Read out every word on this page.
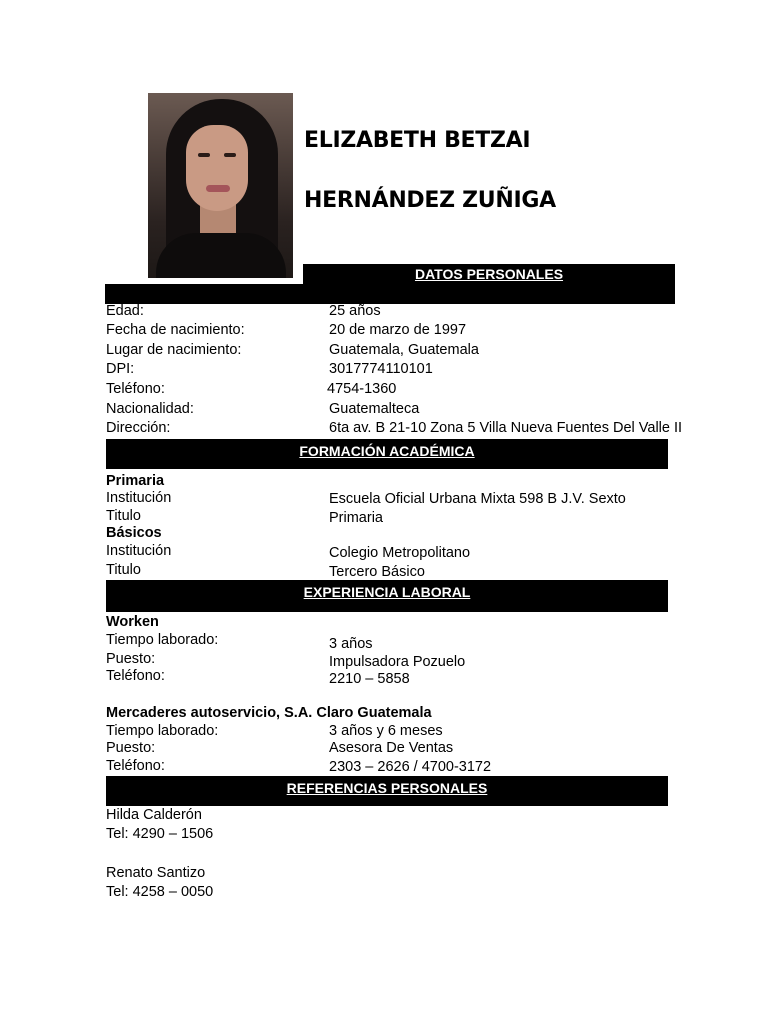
ELIZABETH BETZAI
HERNÁNDEZ ZUÑIGA
DATOS PERSONALES
Edad:	25 años
Fecha de nacimiento:	20 de marzo de 1997
Lugar de nacimiento:	Guatemala, Guatemala
DPI:	3017774110101
Teléfono:	4754-1360
Nacionalidad:	Guatemalteca
Dirección:	6ta av. B 21-10 Zona 5 Villa Nueva Fuentes Del Valle II
FORMACIÓN ACADÉMICA
Primaria
Institución	Escuela Oficial Urbana Mixta 598 B J.V. Sexto
Titulo	Primaria
Básicos
Institución	Colegio Metropolitano
Titulo	Tercero Básico
EXPERIENCIA LABORAL
Worken
Tiempo laborado:	3 años
Puesto:	Impulsadora Pozuelo
Teléfono:	2210 – 5858
Mercaderes autoservicio, S.A. Claro Guatemala
Tiempo laborado:	3 años y 6 meses
Puesto:	Asesora De Ventas
Teléfono:	2303 – 2626 / 4700-3172
REFERENCIAS PERSONALES
Hilda Calderón
Tel: 4290 – 1506
Renato Santizo
Tel: 4258 – 0050
